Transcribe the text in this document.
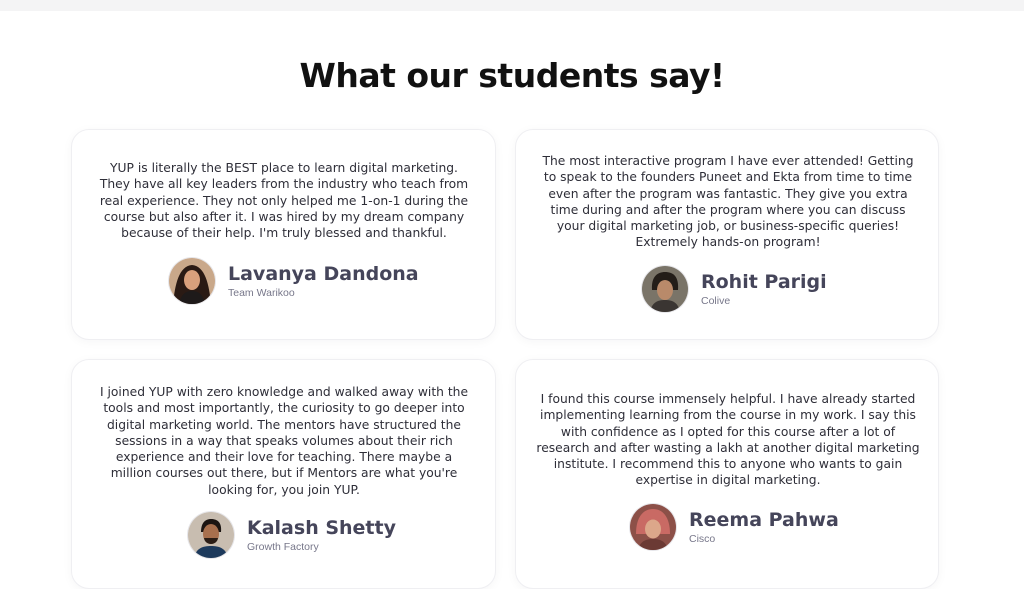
What our students say!

YUP is literally the BEST place to learn digital marketing. They have all key leaders from the industry who teach from real experience. They not only helped me 1-on-1 during the course but also after it. I was hired by my dream company because of their help. I'm truly blessed and thankful.

Lavanya Dandona
Team Warikoo

The most interactive program I have ever attended! Getting to speak to the founders Puneet and Ekta from time to time even after the program was fantastic. They give you extra time during and after the program where you can discuss your digital marketing job, or business-specific queries! Extremely hands-on program!

Rohit Parigi
Colive

I joined YUP with zero knowledge and walked away with the tools and most importantly, the curiosity to go deeper into digital marketing world. The mentors have structured the sessions in a way that speaks volumes about their rich experience and their love for teaching. There maybe a million courses out there, but if Mentors are what you're looking for, you join YUP.

Kalash Shetty
Growth Factory

I found this course immensely helpful. I have already started implementing learning from the course in my work. I say this with confidence as I opted for this course after a lot of research and after wasting a lakh at another digital marketing institute. I recommend this to anyone who wants to gain expertise in digital marketing.

Reema Pahwa
Cisco
